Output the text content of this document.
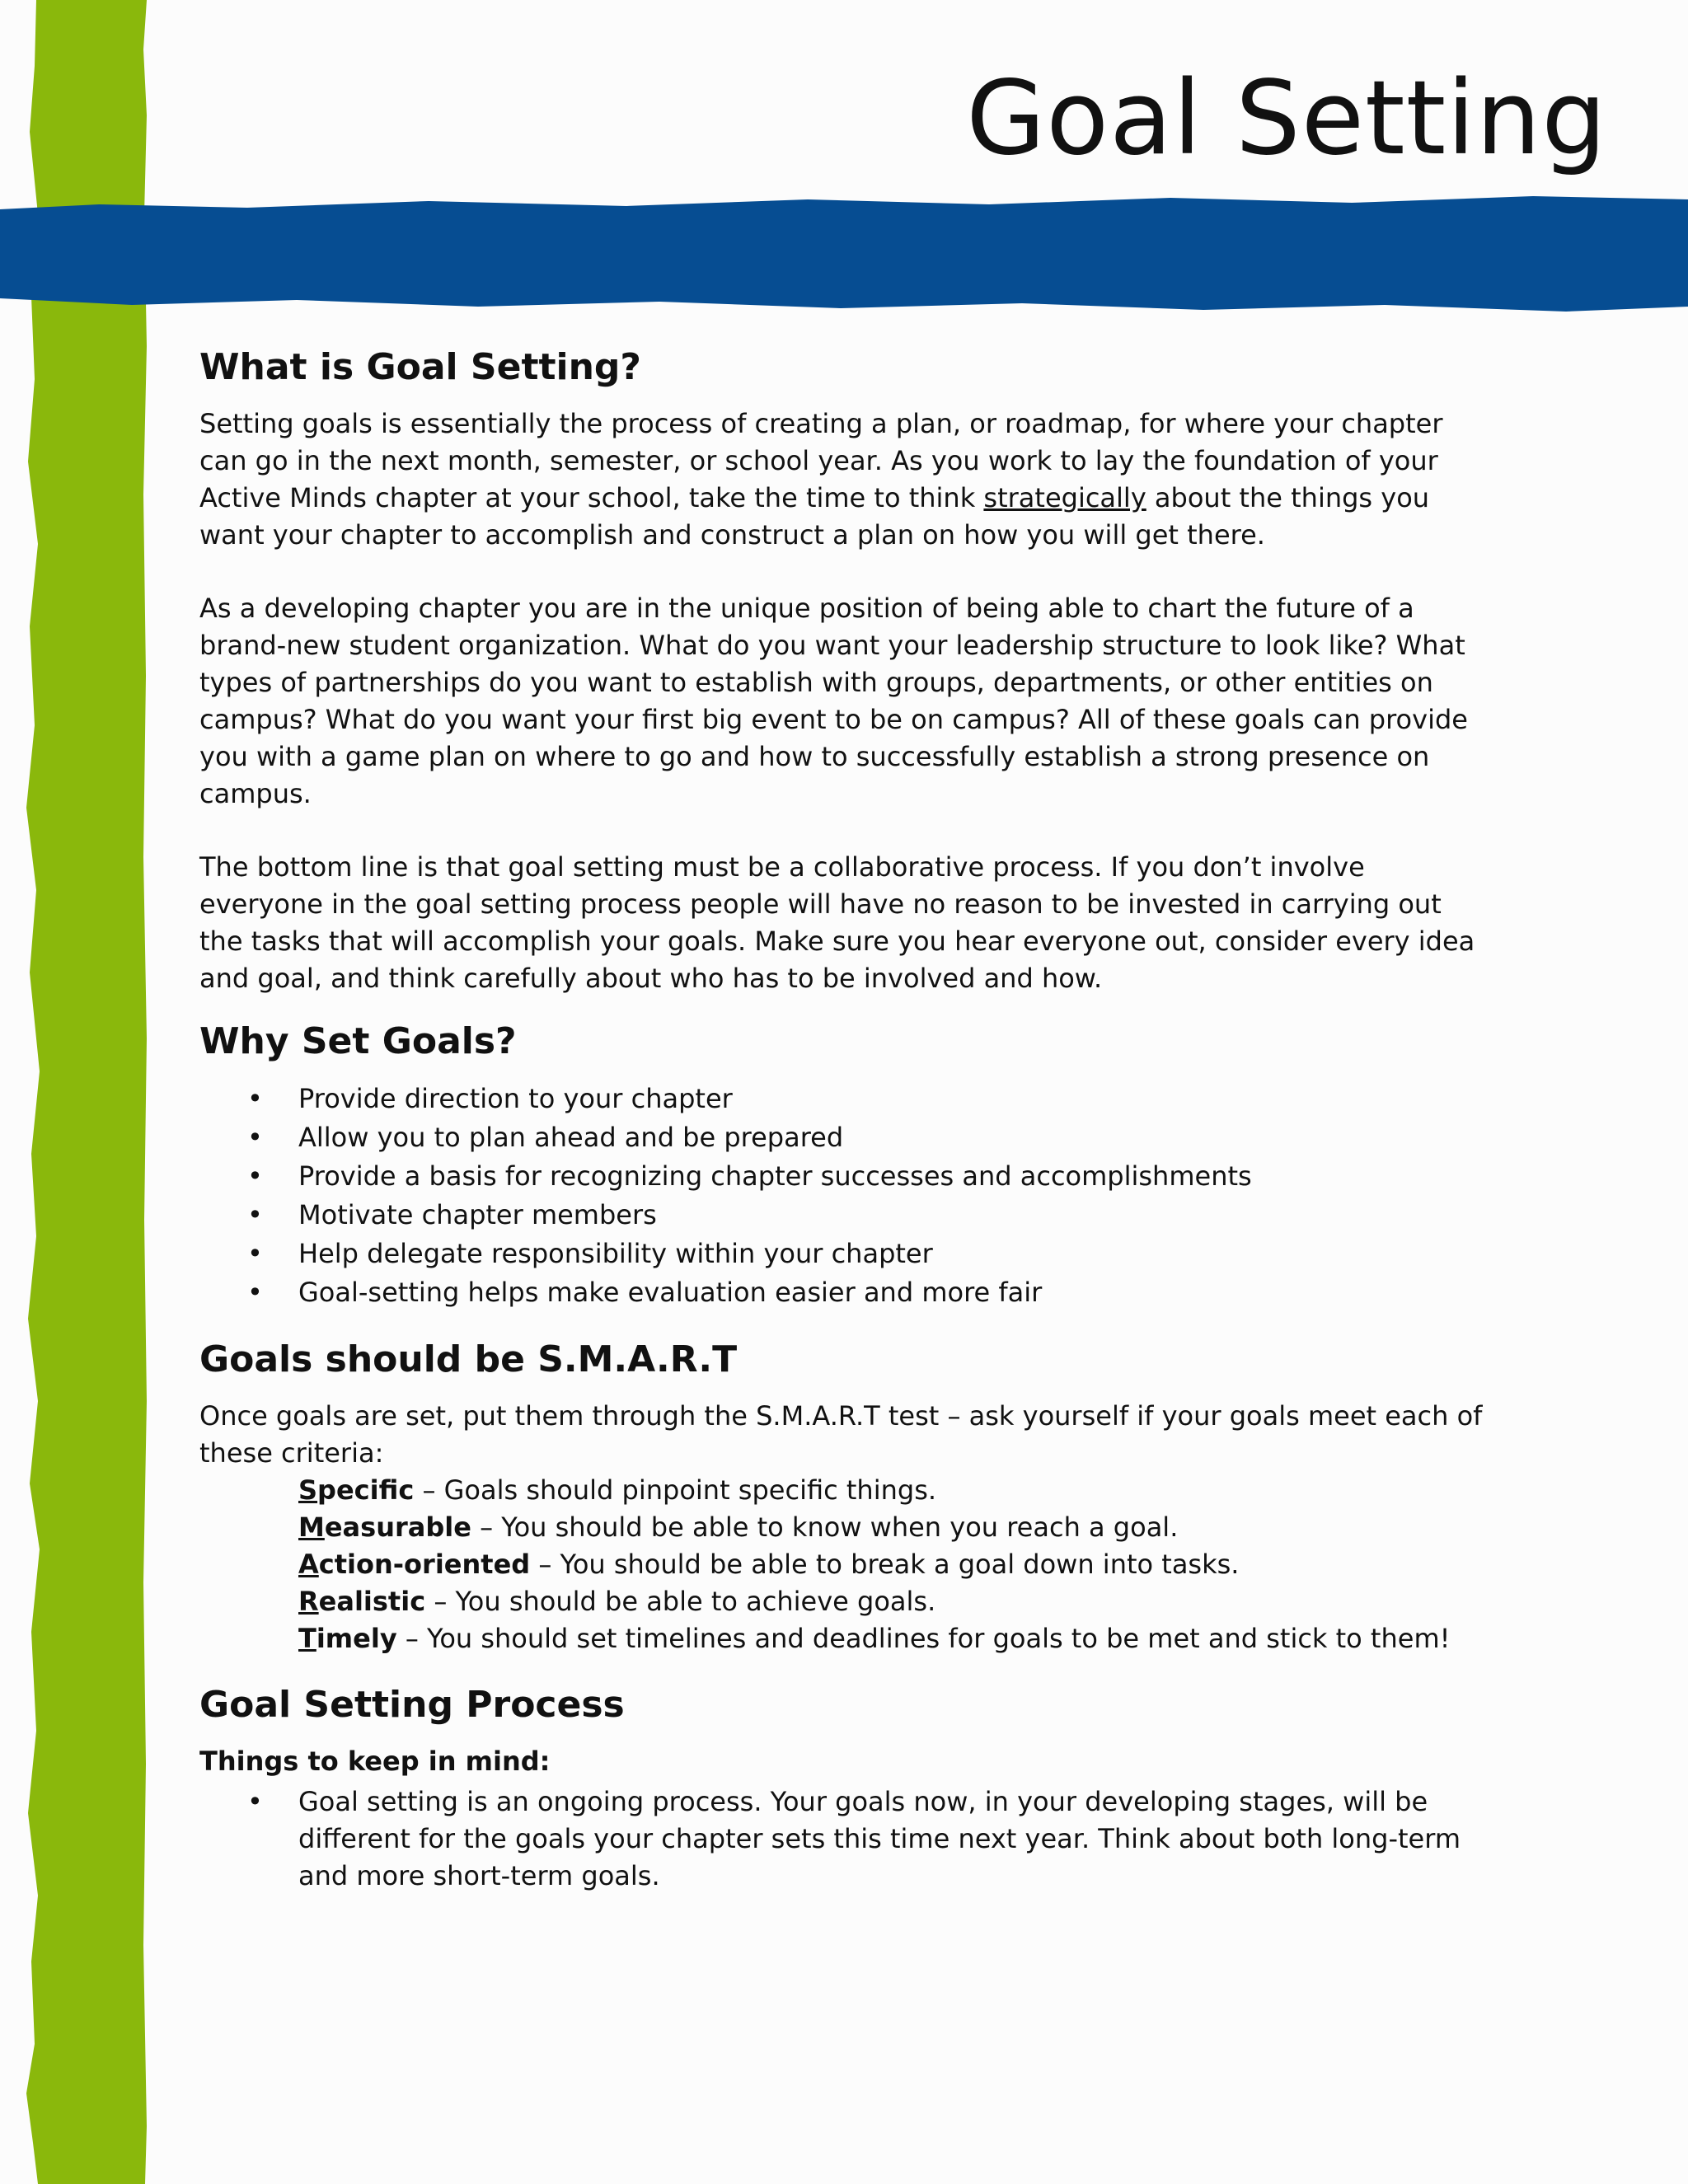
Goal Setting
What is Goal Setting?

Setting goals is essentially the process of creating a plan, or roadmap, for where your chapter can go in the next month, semester, or school year. As you work to lay the foundation of your Active Minds chapter at your school, take the time to think strategically about the things you want your chapter to accomplish and construct a plan on how you will get there.

As a developing chapter you are in the unique position of being able to chart the future of a brand-new student organization. What do you want your leadership structure to look like? What types of partnerships do you want to establish with groups, departments, or other entities on campus? What do you want your first big event to be on campus? All of these goals can provide you with a game plan on where to go and how to successfully establish a strong presence on campus.

The bottom line is that goal setting must be a collaborative process. If you don’t involve everyone in the goal setting process people will have no reason to be invested in carrying out the tasks that will accomplish your goals. Make sure you hear everyone out, consider every idea and goal, and think carefully about who has to be involved and how.

Why Set Goals?
• Provide direction to your chapter
• Allow you to plan ahead and be prepared
• Provide a basis for recognizing chapter successes and accomplishments
• Motivate chapter members
• Help delegate responsibility within your chapter
• Goal-setting helps make evaluation easier and more fair
Goals should be S.M.A.R.T

Once goals are set, put them through the S.M.A.R.T test – ask yourself if your goals meet each of these criteria:

Specific – Goals should pinpoint specific things.
Measurable – You should be able to know when you reach a goal.
Action-oriented – You should be able to break a goal down into tasks.
Realistic – You should be able to achieve goals.
Timely – You should set timelines and deadlines for goals to be met and stick to them!
Goal Setting Process
Things to keep in mind:
• Goal setting is an ongoing process. Your goals now, in your developing stages, will be different for the goals your chapter sets this time next year. Think about both long-term and more short-term goals.
